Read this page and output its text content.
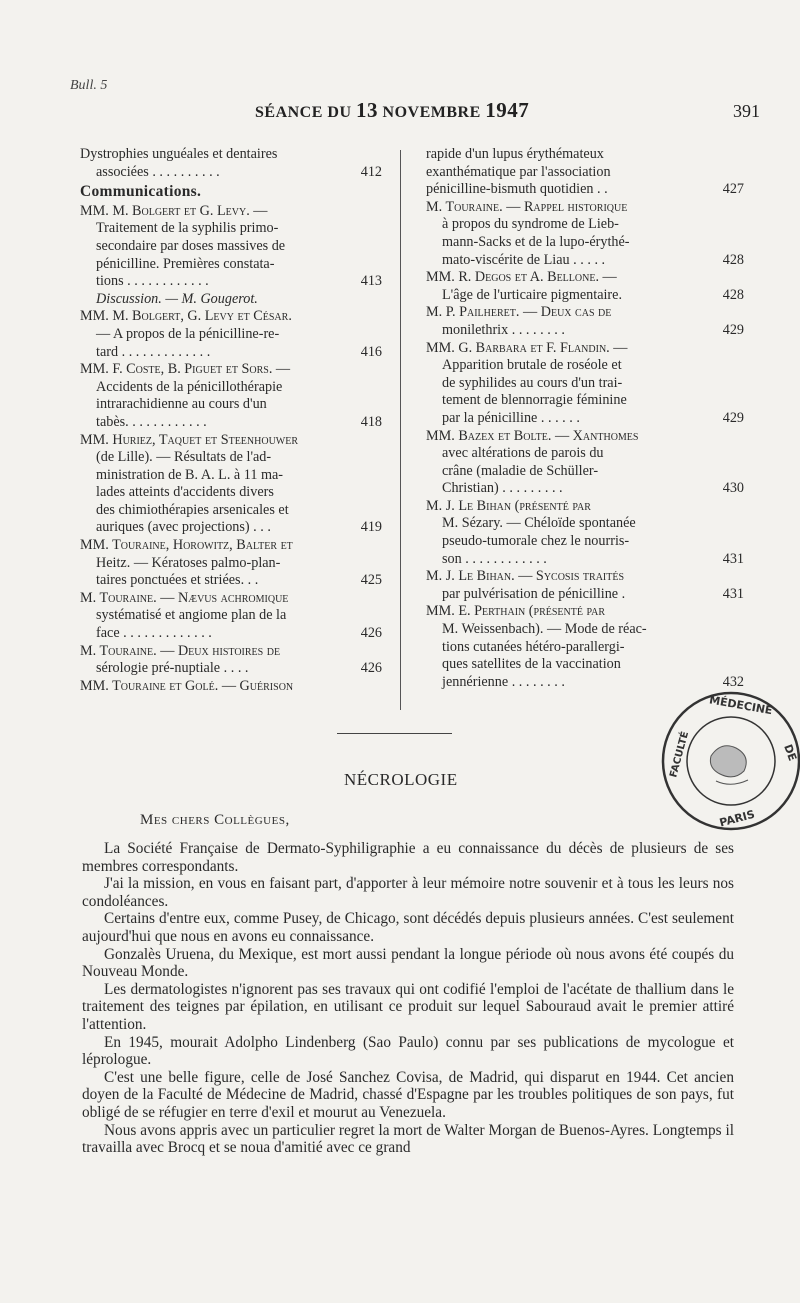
Bull. 5
SÉANCE DU 13 NOVEMBRE 1947	391
Dystrophies unguéales et dentaires
associées . . . . . . . . . .	412
Communications.
MM. M. Bolgert et G. Levy. —
Traitement de la syphilis primo-
secondaire par doses massives de
pénicilline. Premières constata-
tions . . . . . . . . . . . .	413
Discussion. — M. Gougerot.
MM. M. Bolgert, G. Levy et César.
— A propos de la pénicilline-re-
tard . . . . . . . . . . . . .	416
MM. F. Coste, B. Piguet et Sors. —
Accidents de la pénicillothérapie
intrarachidienne au cours d'un
tabès. . . . . . . . . . . .	418
MM. Huriez, Taquet et Steenhouwer
(de Lille). — Résultats de l'ad-
ministration de B. A. L. à 11 ma-
lades atteints d'accidents divers
des chimiothérapies arsenicales et
auriques (avec projections) . . .	419
MM. Touraine, Horowitz, Balter et
Heitz. — Kératoses palmo-plan-
taires ponctuées et striées. . .	425
M. Touraine. — Nævus achromique
systématisé et angiome plan de la
face . . . . . . . . . . . . .	426
M. Touraine. — Deux histoires de
sérologie pré-nuptiale . . . .	426
MM. Touraine et Golé. — Guérison
rapide d'un lupus érythémateux
exanthématique par l'association
pénicilline-bismuth quotidien . .	427
M. Touraine. — Rappel historique
à propos du syndrome de Lieb-
mann-Sacks et de la lupo-érythé-
mato-viscérite de Liau . . . . .	428
MM. R. Degos et A. Bellone. —
L'âge de l'urticaire pigmentaire.	428
M. P. Pailheret. — Deux cas de
monilethrix . . . . . . . .	429
MM. G. Barbara et F. Flandin. —
Apparition brutale de roséole et
de syphilides au cours d'un trai-
tement de blennorragie féminine
par la pénicilline . . . . . .	429
MM. Bazex et Bolte. — Xanthomes
avec altérations de parois du
crâne (maladie de Schüller-
Christian) . . . . . . . . .	430
M. J. Le Bihan (présenté par
M. Sézary. — Chéloïde spontanée
pseudo-tumorale chez le nourris-
son . . . . . . . . . . . .	431
M. J. Le Bihan. — Sycosis traités
par pulvérisation de pénicilline .	431
MM. E. Perthain (présenté par
M. Weissenbach). — Mode de réac-
tions cutanées hétéro-parallergi-
ques satellites de la vaccination
jennérienne . . . . . . . .	432
NÉCROLOGIE
Mes chers Collègues,

La Société Française de Dermato-Syphiligraphie a eu connaissance du décès de plusieurs de ses membres correspondants.

J'ai la mission, en vous en faisant part, d'apporter à leur mémoire notre souvenir et à tous les leurs nos condoléances.

Certains d'entre eux, comme Pusey, de Chicago, sont décédés depuis plusieurs années. C'est seulement aujourd'hui que nous en avons eu connaissance.

Gonzalès Uruena, du Mexique, est mort aussi pendant la longue période où nous avons été coupés du Nouveau Monde.

Les dermatologistes n'ignorent pas ses travaux qui ont codifié l'emploi de l'acétate de thallium dans le traitement des teignes par épilation, en utilisant ce produit sur lequel Sabouraud avait le premier attiré l'attention.

En 1945, mourait Adolpho Lindenberg (Sao Paulo) connu par ses publications de mycologue et léprologue.

C'est une belle figure, celle de José Sanchez Covisa, de Madrid, qui disparut en 1944. Cet ancien doyen de la Faculté de Médecine de Madrid, chassé d'Espagne par les troubles politiques de son pays, fut obligé de se réfugier en terre d'exil et mourut au Venezuela.

Nous avons appris avec un particulier regret la mort de Walter Morgan de Buenos-Ayres. Longtemps il travailla avec Brocq et se noua d'amitié avec ce grand

MÉDECINE
FACULTÉ	DE
PARIS
